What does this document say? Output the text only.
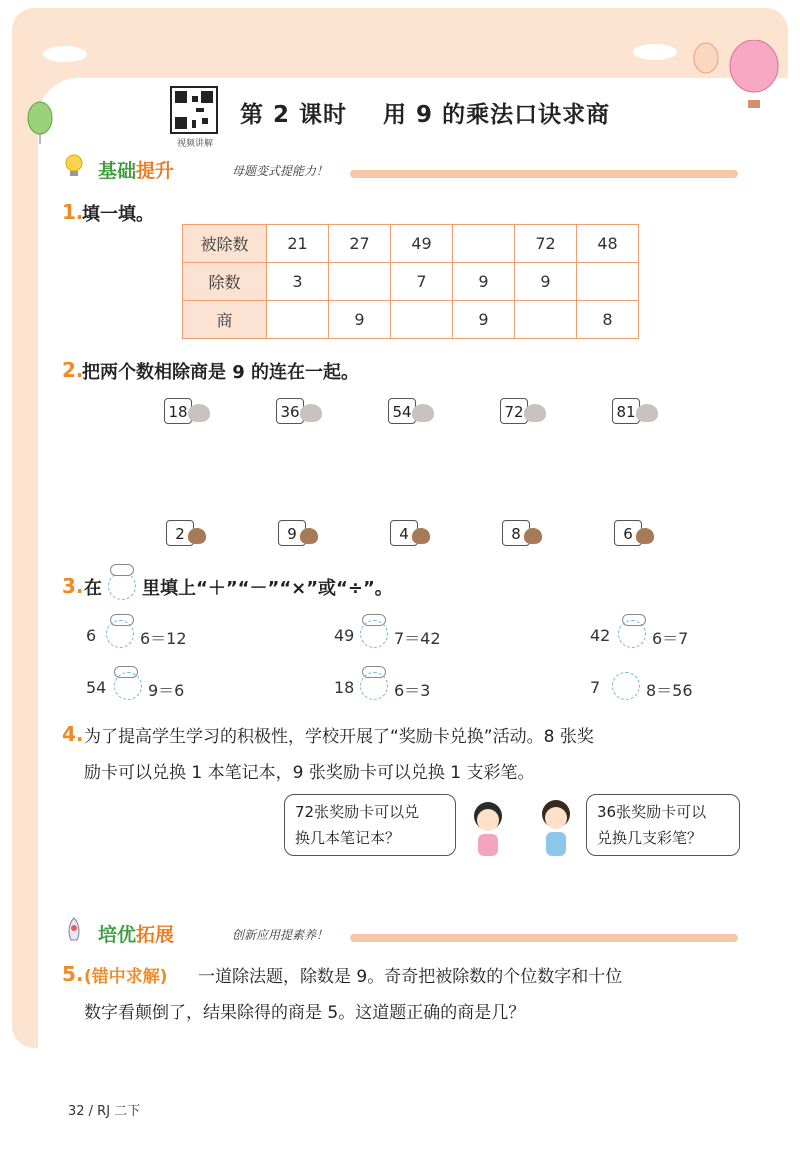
视频讲解
第 2 课时    用 9 的乘法口诀求商
基础提升	母题变式提能力！
1.
填一填。
被除数	21	27	49		72	48
除数	3		7	9	9	
商		9		9		8
2.
把两个数相除商是 9 的连在一起。
18	36	54	72	81
2	9	4	8	6
3. 在 里填上“＋”“－”“×”或“÷”。
6	6＝12	49 7＝42	42	6＝7
54	9＝6	18 6＝3	7	8＝56
4. 为了提高学生学习的积极性，学校开展了“奖励卡兑换”活动。8 张奖
励卡可以兑换 1 本笔记本，9 张奖励卡可以兑换 1 支彩笔。
72张奖励卡可以兑
换几本笔记本？
36张奖励卡可以
兑换几支彩笔？
培优拓展	创新应用提素养！
5. (错中求解) 一道除法题，除数是 9。奇奇把被除数的个位数字和十位
数字看颠倒了，结果除得的商是 5。这道题正确的商是几？
32 / RJ 二下
